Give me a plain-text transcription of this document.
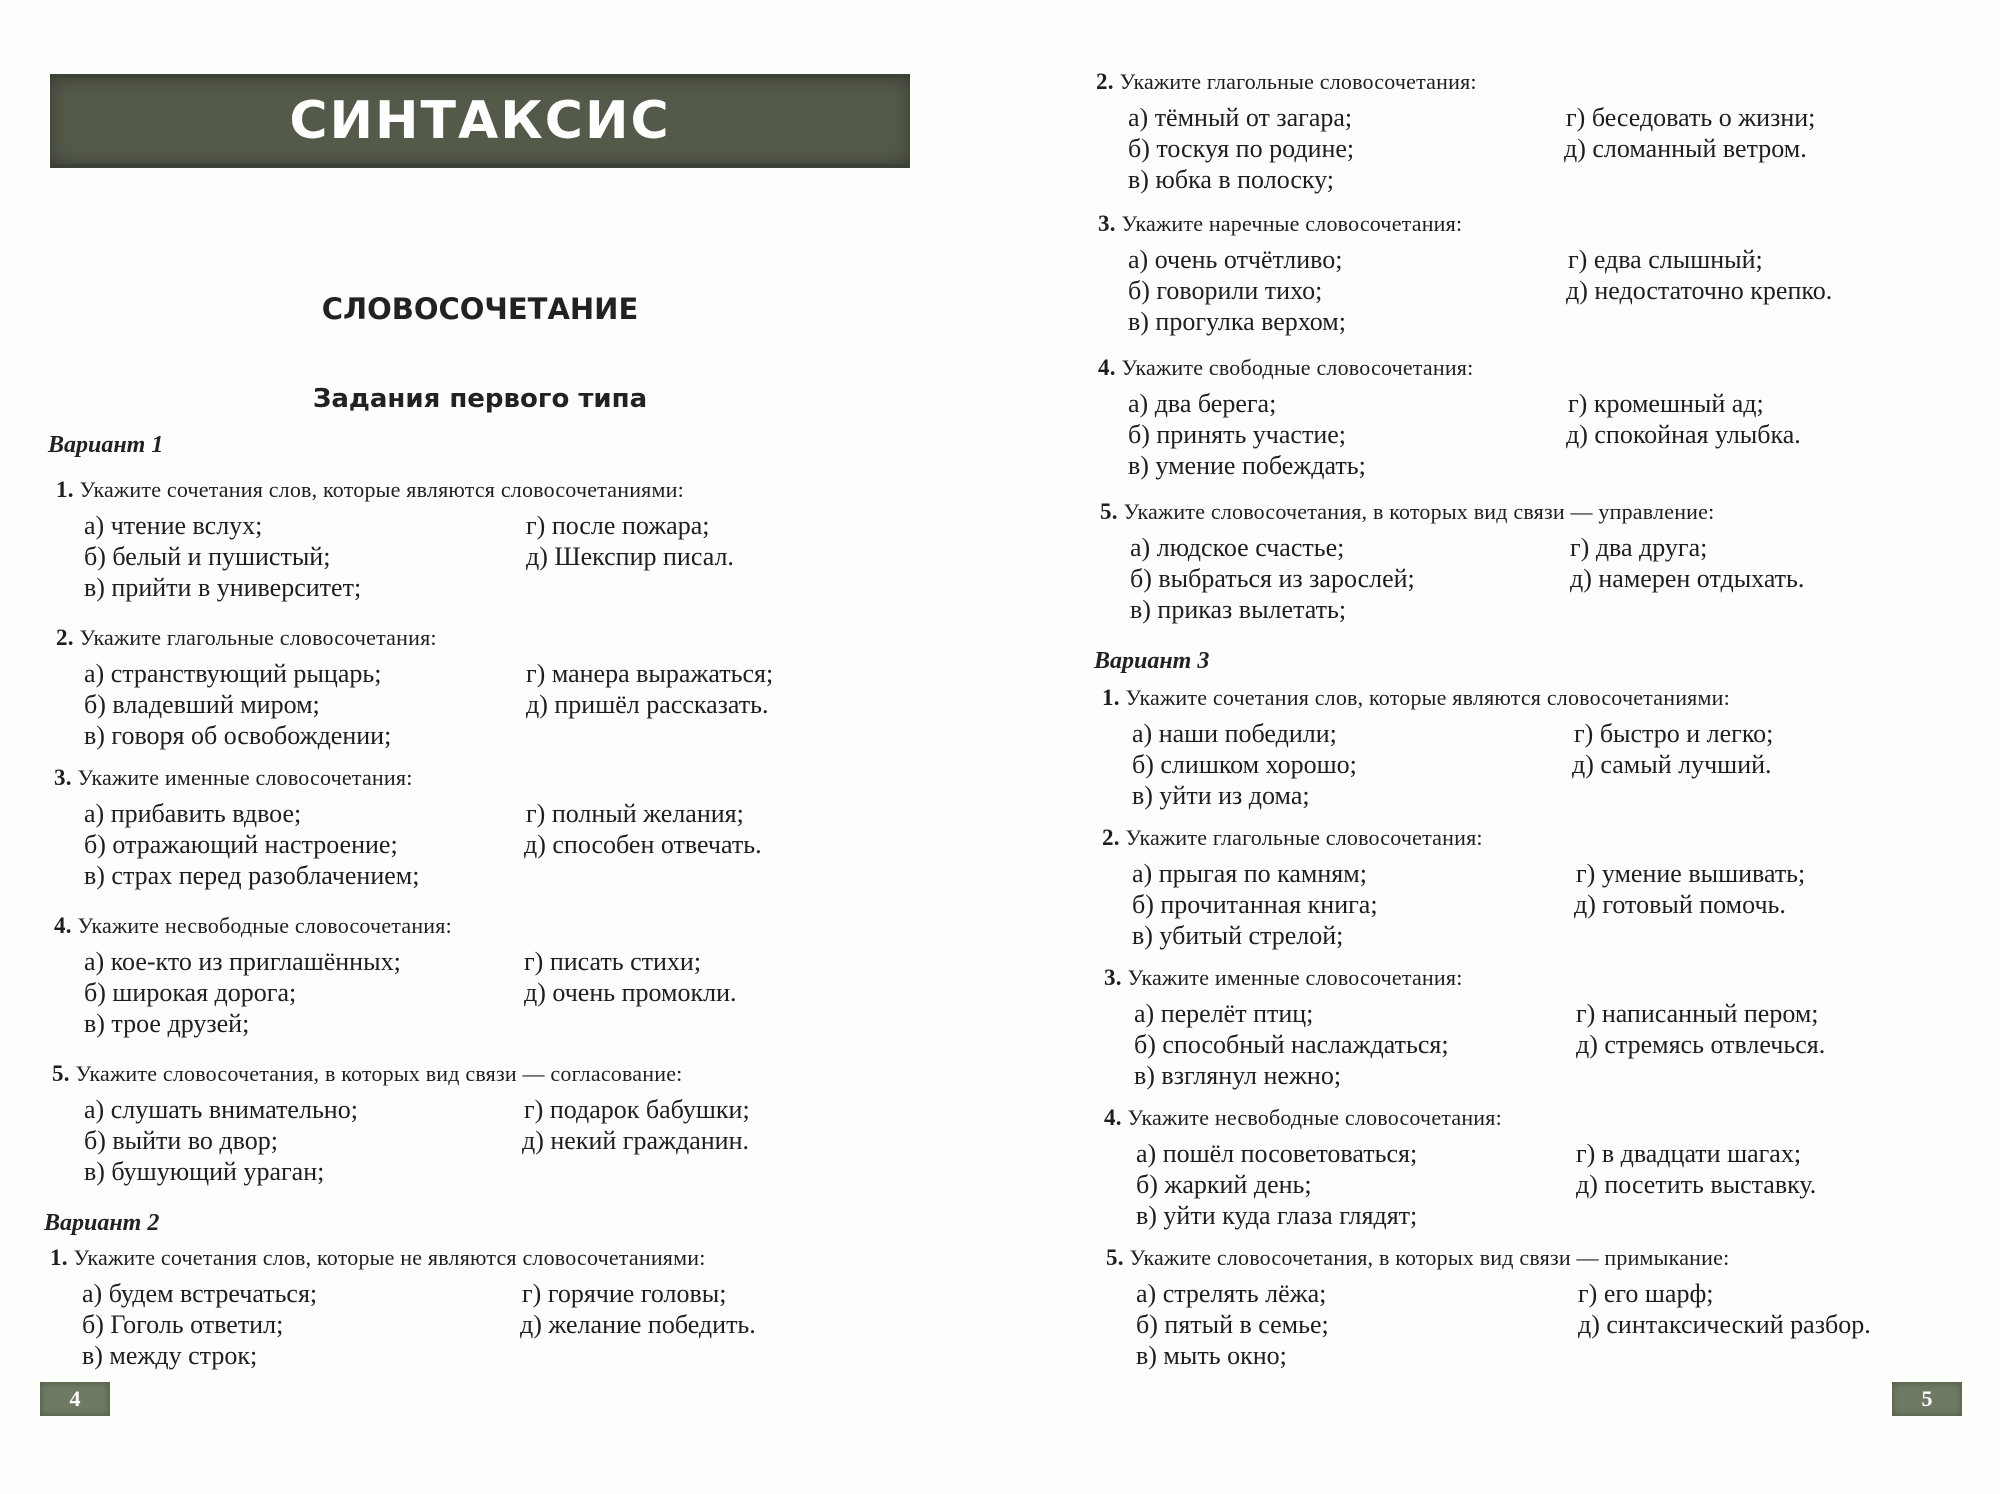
СИНТАКСИС
СЛОВОСОЧЕТАНИЕ
Задания первого типа
Вариант 1
1. Укажите сочетания слов, которые являются словосочетаниями:
а) чтение вслух;
б) белый и пушистый;
в) прийти в университет;
г) после пожара;
д) Шекспир писал.
2. Укажите глагольные словосочетания:
а) странствующий рыцарь;
б) владевший миром;
в) говоря об освобождении;
г) манера выражаться;
д) пришёл рассказать.
3. Укажите именные словосочетания:
а) прибавить вдвое;
б) отражающий настроение;
в) страх перед разоблачением;
г) полный желания;
д) способен отвечать.
4. Укажите несвободные словосочетания:
а) кое-кто из приглашённых;
б) широкая дорога;
в) трое друзей;
г) писать стихи;
д) очень промокли.
5. Укажите словосочетания, в которых вид связи — согласование:
а) слушать внимательно;
б) выйти во двор;
в) бушующий ураган;
г) подарок бабушки;
д) некий гражданин.
Вариант 2
1. Укажите сочетания слов, которые не являются словосочетаниями:
а) будем встречаться;
б) Гоголь ответил;
в) между строк;
г) горячие головы;
д) желание победить.
4
2. Укажите глагольные словосочетания:
а) тёмный от загара;
б) тоскуя по родине;
в) юбка в полоску;
г) беседовать о жизни;
д) сломанный ветром.
3. Укажите наречные словосочетания:
а) очень отчётливо;
б) говорили тихо;
в) прогулка верхом;
г) едва слышный;
д) недостаточно крепко.
4. Укажите свободные словосочетания:
а) два берега;
б) принять участие;
в) умение побеждать;
г) кромешный ад;
д) спокойная улыбка.
5. Укажите словосочетания, в которых вид связи — управление:
а) людское счастье;
б) выбраться из зарослей;
в) приказ вылетать;
г) два друга;
д) намерен отдыхать.
Вариант 3
1. Укажите сочетания слов, которые являются словосочетаниями:
а) наши победили;
б) слишком хорошо;
в) уйти из дома;
г) быстро и легко;
д) самый лучший.
2. Укажите глагольные словосочетания:
а) прыгая по камням;
б) прочитанная книга;
в) убитый стрелой;
г) умение вышивать;
д) готовый помочь.
3. Укажите именные словосочетания:
а) перелёт птиц;
б) способный наслаждаться;
в) взглянул нежно;
г) написанный пером;
д) стремясь отвлечься.
4. Укажите несвободные словосочетания:
а) пошёл посоветоваться;
б) жаркий день;
в) уйти куда глаза глядят;
г) в двадцати шагах;
д) посетить выставку.
5. Укажите словосочетания, в которых вид связи — примыкание:
а) стрелять лёжа;
б) пятый в семье;
в) мыть окно;
г) его шарф;
д) синтаксический разбор.
5
